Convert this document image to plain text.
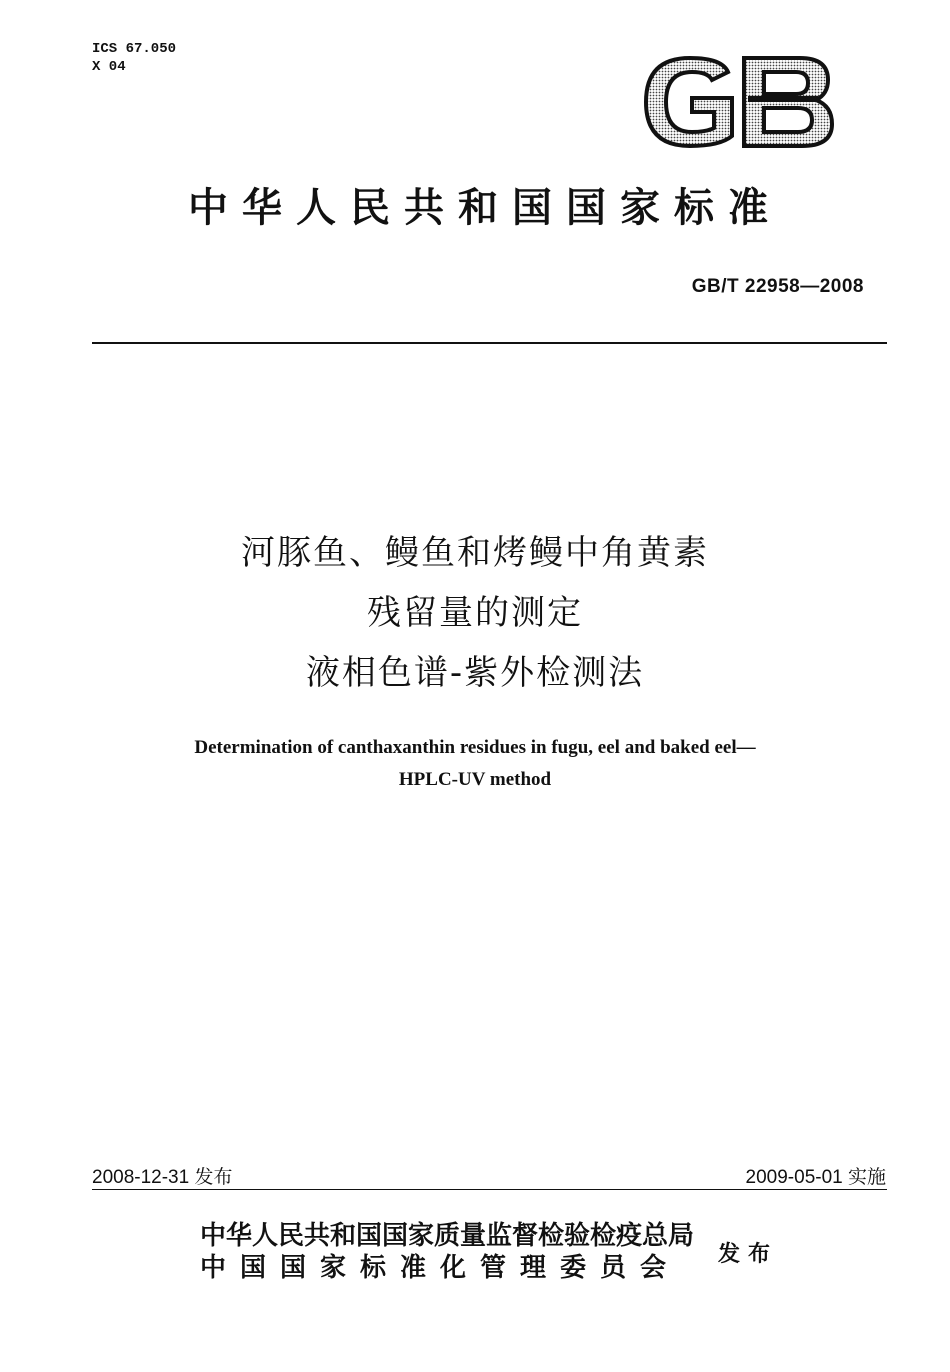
ICS 67.050
X 04
中华人民共和国国家标准
GB/T 22958—2008
河豚鱼、鳗鱼和烤鳗中角黄素
残留量的测定
液相色谱-紫外检测法
Determination of canthaxanthin residues in fugu, eel and baked eel—
HPLC-UV method
2008-12-31 发布	2009-05-01 实施
中华人民共和国国家质量监督检验检疫总局
中国国家标准化管理委员会 发布
